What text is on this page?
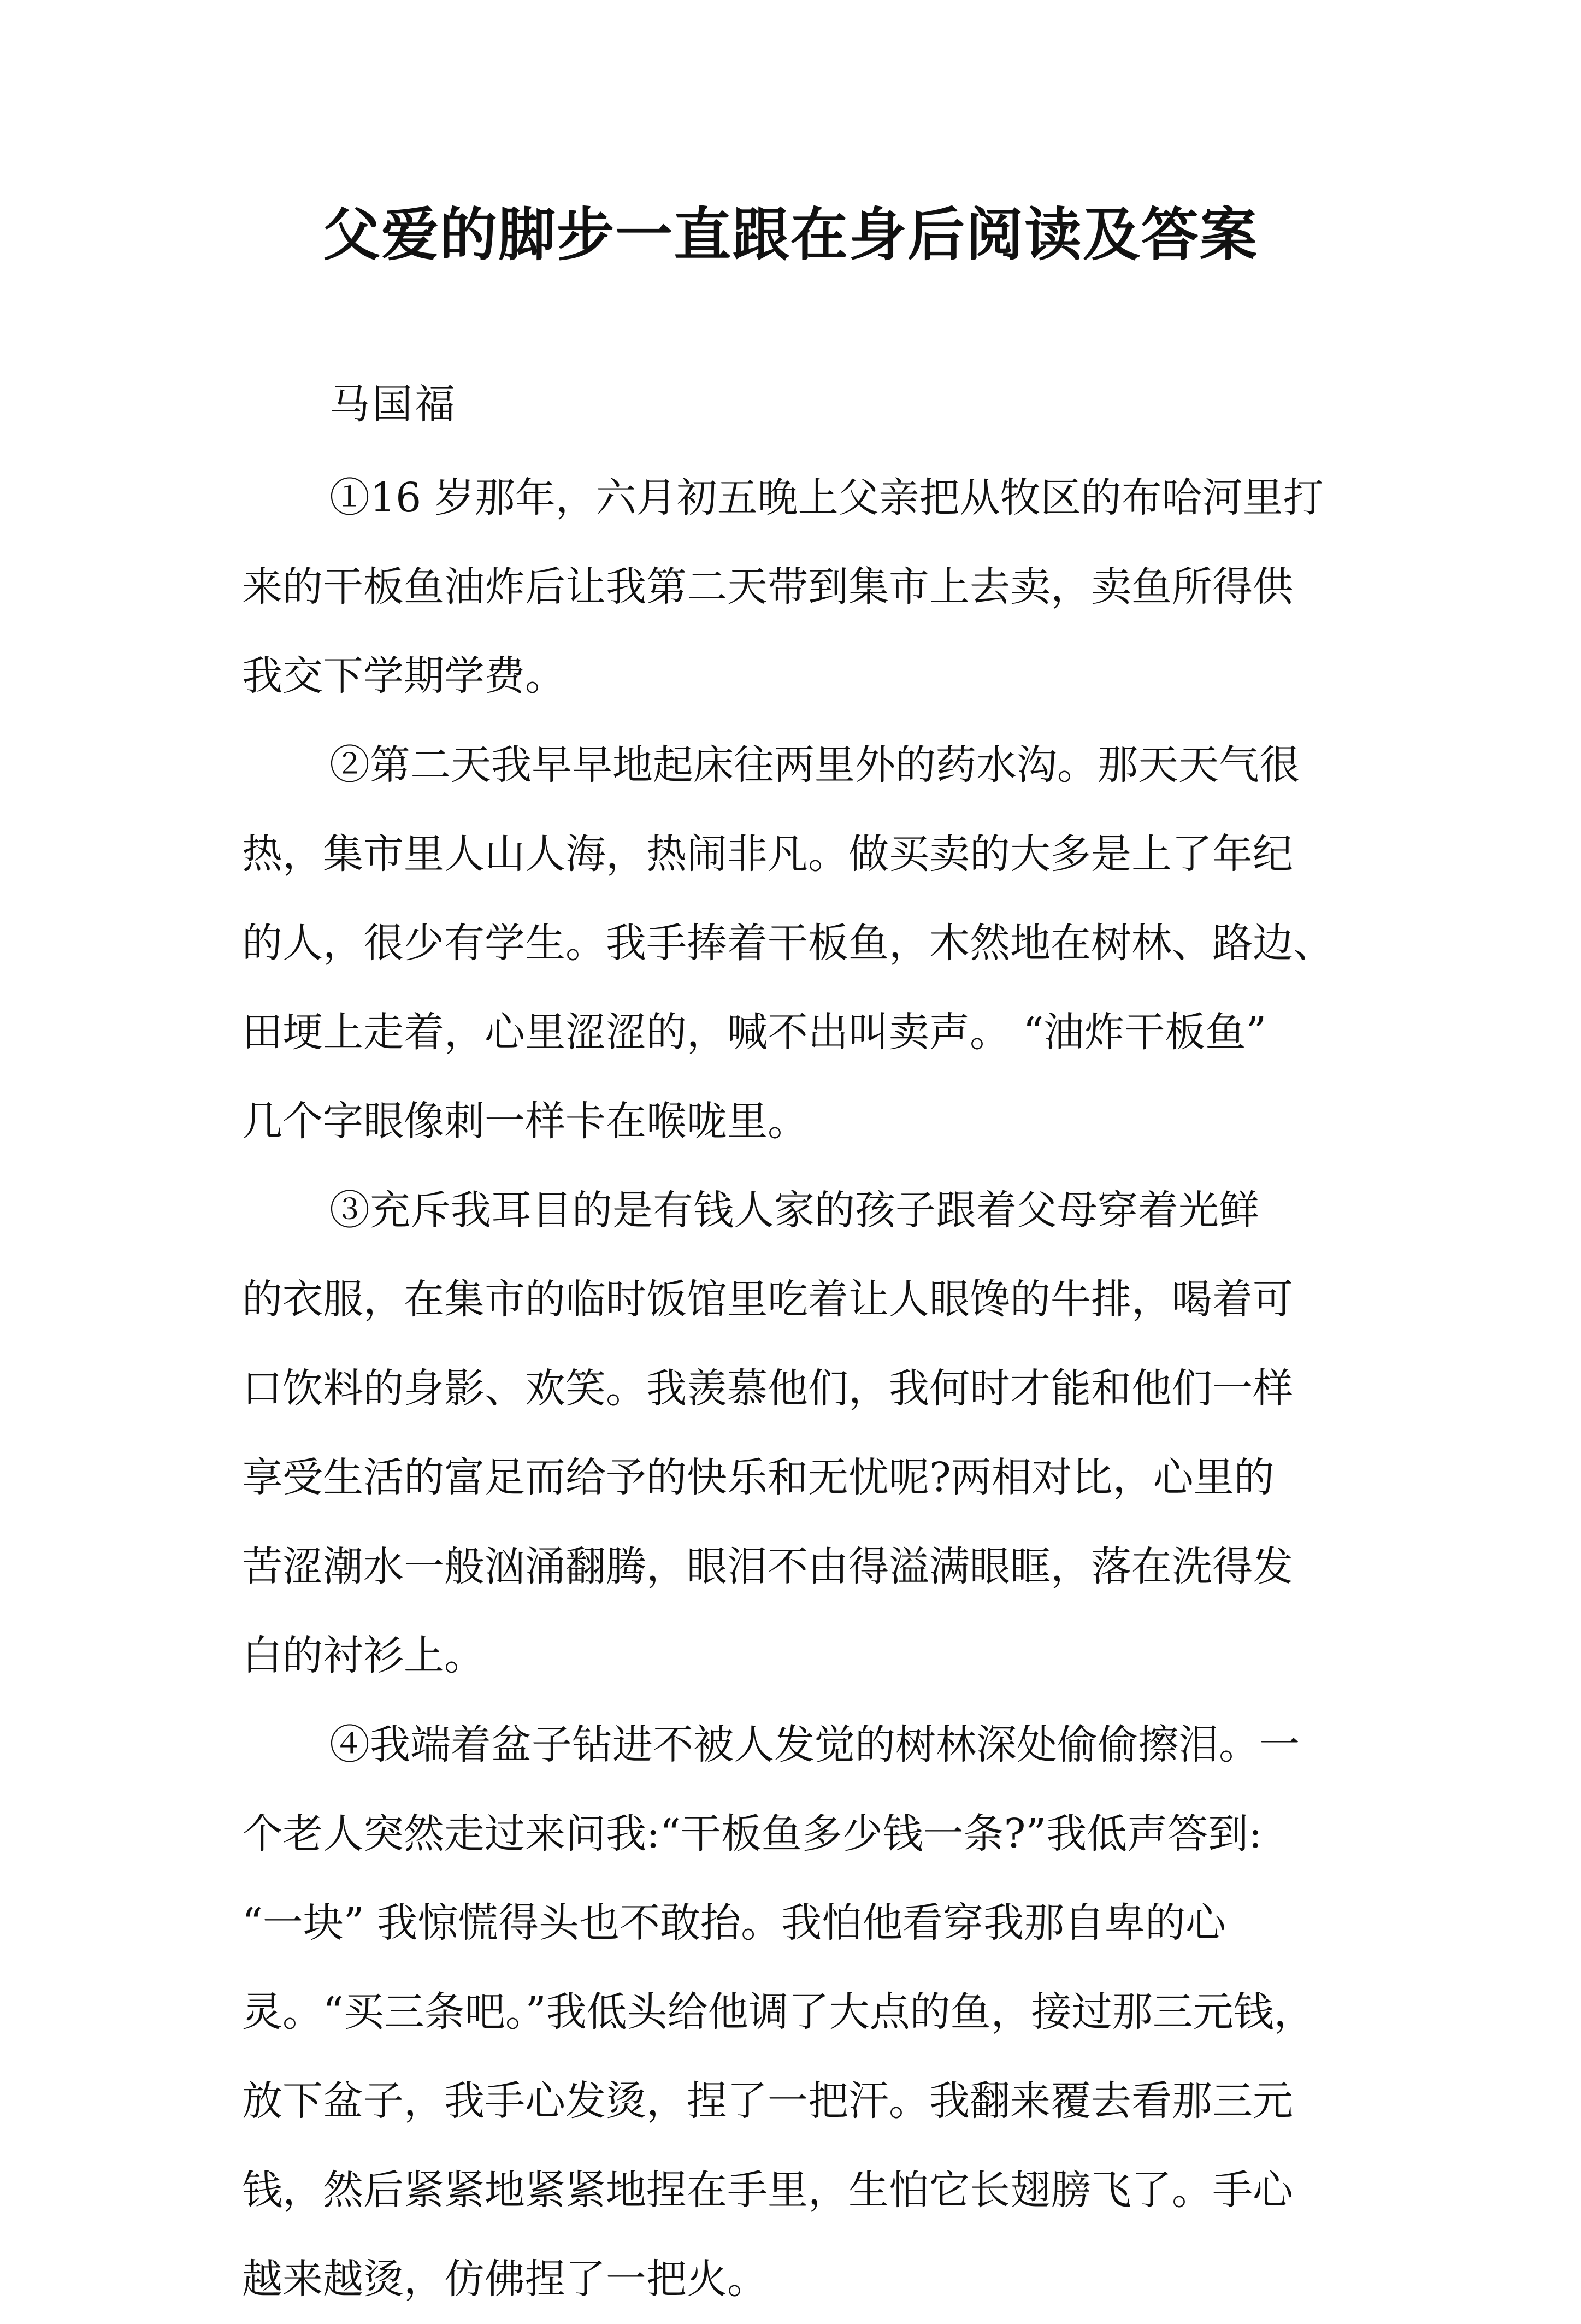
父爱的脚步一直跟在身后阅读及答案
马国福

①16 岁那年，六月初五晚上父亲把从牧区的布哈河里打
来的干板鱼油炸后让我第二天带到集市上去卖，卖鱼所得供
我交下学期学费。

②第二天我早早地起床往两里外的药水沟。那天天气很
热，集市里人山人海，热闹非凡。做买卖的大多是上了年纪
的人，很少有学生。我手捧着干板鱼，木然地在树林、路边、
田埂上走着，心里涩涩的，喊不出叫卖声。 “油炸干板鱼”
几个字眼像刺一样卡在喉咙里。

③充斥我耳目的是有钱人家的孩子跟着父母穿着光鲜
的衣服，在集市的临时饭馆里吃着让人眼馋的牛排，喝着可
口饮料的身影、欢笑。我羡慕他们，我何时才能和他们一样
享受生活的富足而给予的快乐和无忧呢?两相对比，心里的
苦涩潮水一般汹涌翻腾，眼泪不由得溢满眼眶，落在洗得发
白的衬衫上。

④我端着盆子钻进不被人发觉的树林深处偷偷擦泪。一
个老人突然走过来问我:“干板鱼多少钱一条?”我低声答到:
“一块” 我惊慌得头也不敢抬。我怕他看穿我那自卑的心
灵。“买三条吧。”我低头给他调了大点的鱼，接过那三元钱，
放下盆子，我手心发烫，捏了一把汗。我翻来覆去看那三元
钱，然后紧紧地紧紧地捏在手里，生怕它长翅膀飞了。手心
越来越烫，仿佛捏了一把火。
